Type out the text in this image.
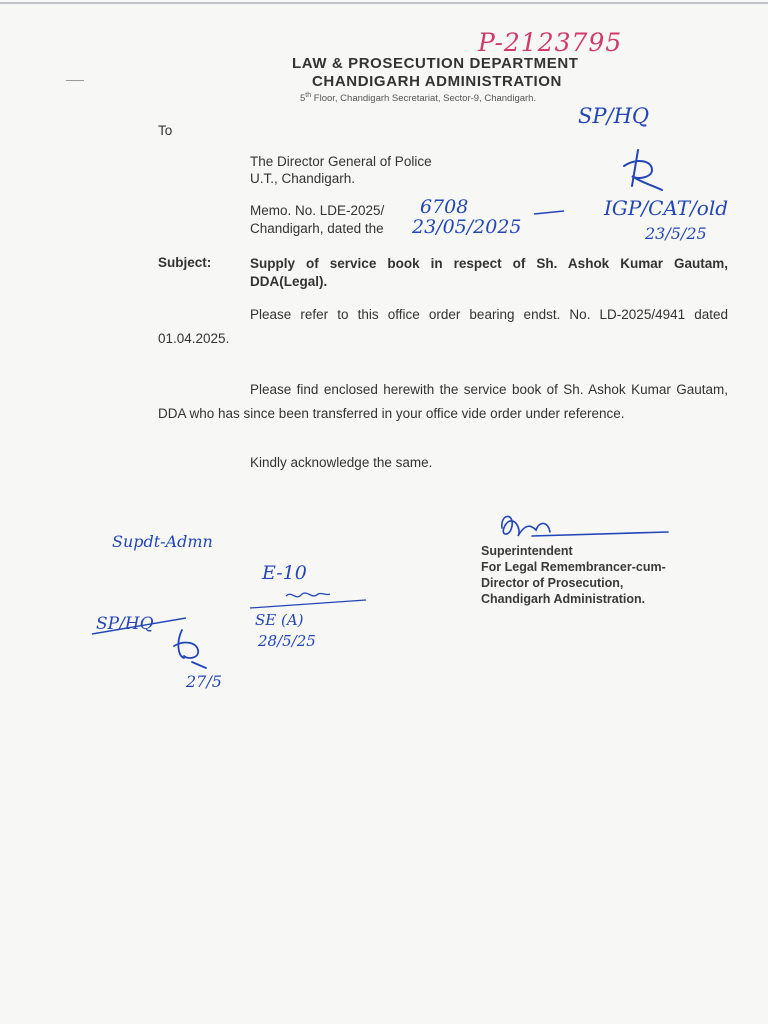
LAW & PROSECUTION DEPARTMENT
CHANDIGARH ADMINISTRATION
5th Floor, Chandigarh Secretariat, Sector-9, Chandigarh.
P-2123795
SP/HQ
To
The Director General of Police
U.T., Chandigarh.
Memo. No. LDE-2025/
Chandigarh, dated the
6708
23/05/2025
IGP/CAT/old
23/5/25
Subject:	Supply of service book in respect of Sh. Ashok Kumar Gautam, DDA(Legal).
Please refer to this office order bearing endst. No. LD-2025/4941 dated 01.04.2025.
Please find enclosed herewith the service book of Sh. Ashok Kumar Gautam, DDA who has since been transferred in your office vide order under reference.
Kindly acknowledge the same.
Superintendent
For Legal Remembrancer-cum-
Director of Prosecution,
Chandigarh Administration.
Supdt-Admn
E-10
SE (A)
28/5/25
SP/HQ
27/5
